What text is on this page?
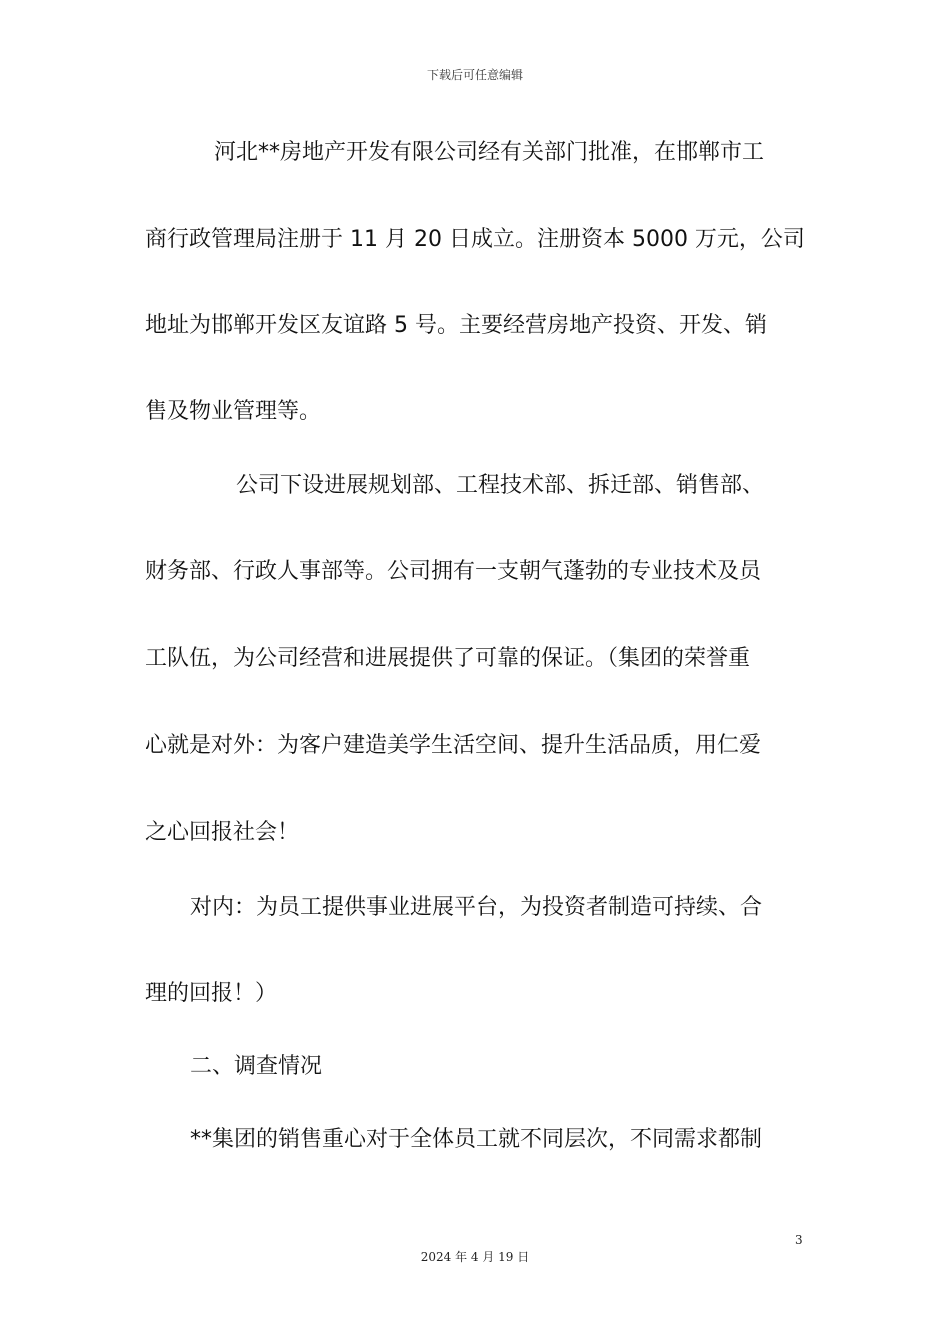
下载后可任意编辑
河北**房地产开发有限公司经有关部门批准，在邯郸市工
商行政管理局注册于 11 月 20 日成立。注册资本 5000 万元，公司
地址为邯郸开发区友谊路 5 号。主要经营房地产投资、开发、销
售及物业管理等。
公司下设进展规划部、工程技术部、拆迁部、销售部、
财务部、行政人事部等。公司拥有一支朝气蓬勃的专业技术及员
工队伍，为公司经营和进展提供了可靠的保证。（集团的荣誉重
心就是对外：为客户建造美学生活空间、提升生活品质，用仁爱
之心回报社会！
对内：为员工提供事业进展平台，为投资者制造可持续、合
理的回报！）
二、调查情况
**集团的销售重心对于全体员工就不同层次，不同需求都制
3
2024 年 4 月 19 日
